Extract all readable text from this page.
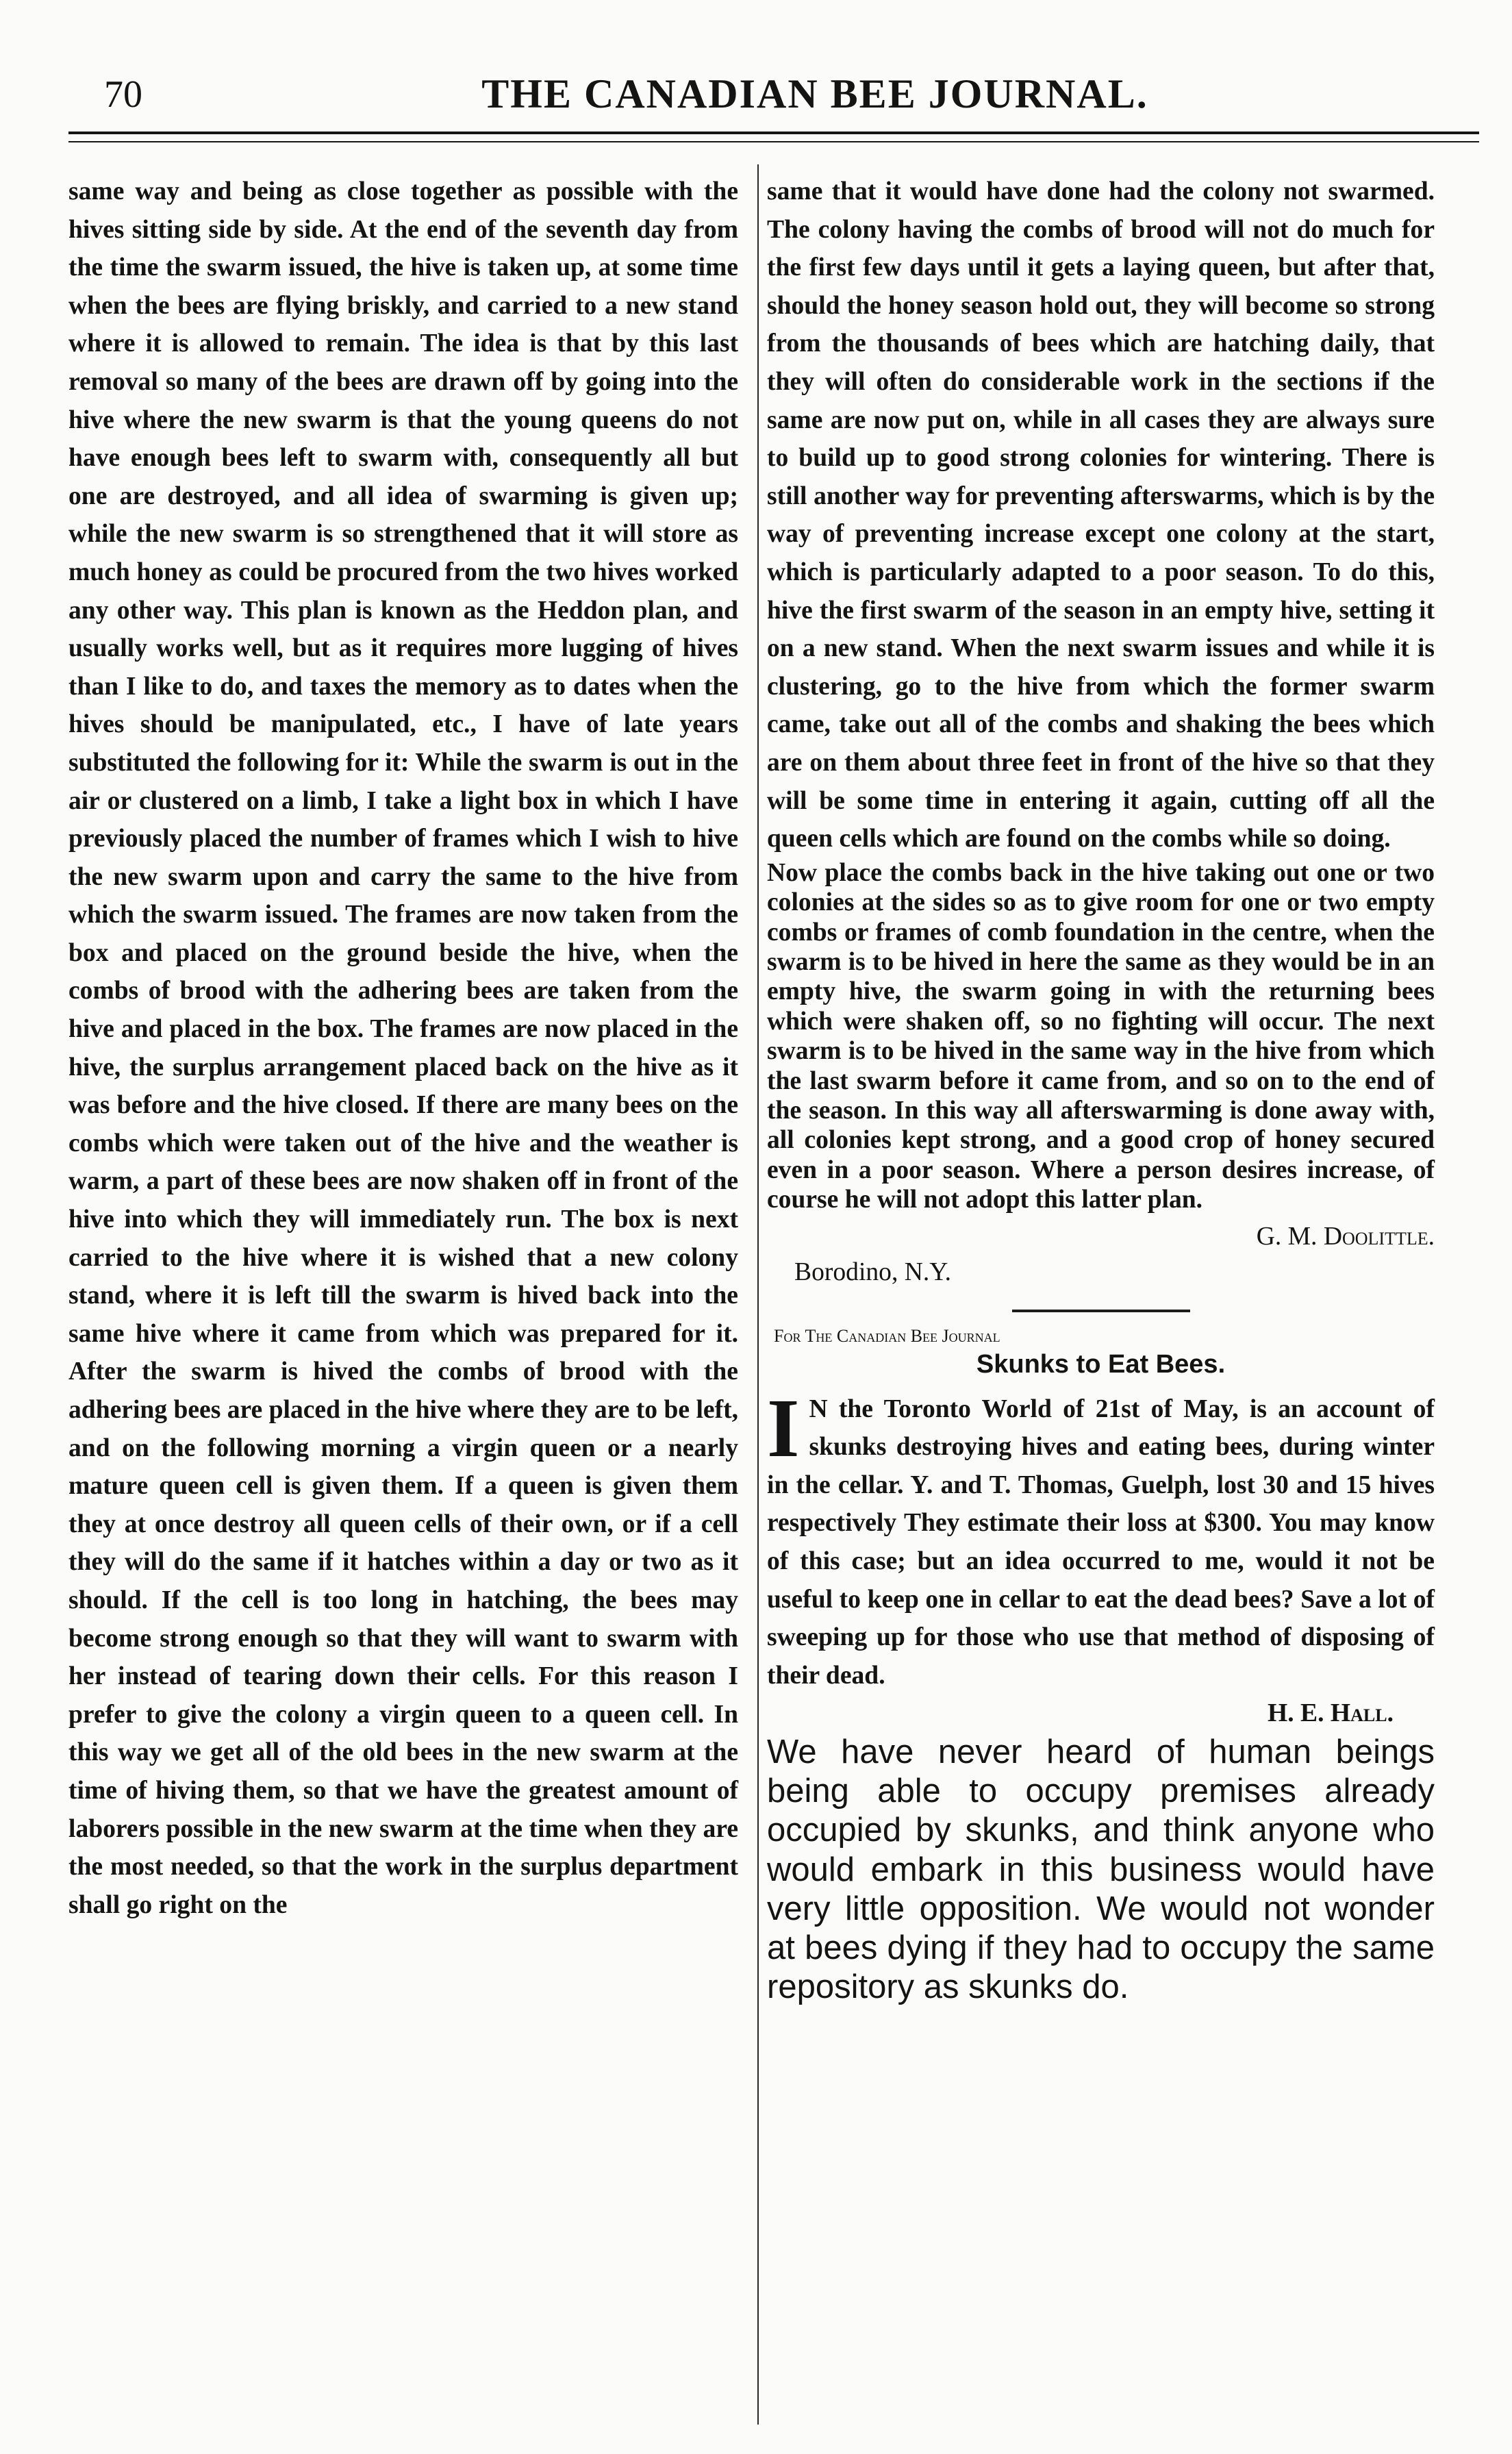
70	THE CANADIAN BEE JOURNAL.

same way and being as close together as possible with the hives sitting side by side. At the end of the seventh day from the time the swarm issued, the hive is taken up, at some time when the bees are flying briskly, and carried to a new stand where it is allowed to remain. The idea is that by this last removal so many of the bees are drawn off by going into the hive where the new swarm is that the young queens do not have enough bees left to swarm with, consequently all but one are destroyed, and all idea of swarming is given up; while the new swarm is so strengthened that it will store as much honey as could be procured from the two hives worked any other way. This plan is known as the Heddon plan, and usually works well, but as it requires more lugging of hives than I like to do, and taxes the memory as to dates when the hives should be manipulated, etc., I have of late years substituted the following for it: While the swarm is out in the air or clustered on a limb, I take a light box in which I have previously placed the number of frames which I wish to hive the new swarm upon and carry the same to the hive from which the swarm issued. The frames are now taken from the box and placed on the ground beside the hive, when the combs of brood with the adhering bees are taken from the hive and placed in the box. The frames are now placed in the hive, the surplus arrangement placed back on the hive as it was before and the hive closed. If there are many bees on the combs which were taken out of the hive and the weather is warm, a part of these bees are now shaken off in front of the hive into which they will immediately run. The box is next carried to the hive where it is wished that a new colony stand, where it is left till the swarm is hived back into the same hive where it came from which was prepared for it. After the swarm is hived the combs of brood with the adhering bees are placed in the hive where they are to be left, and on the following morning a virgin queen or a nearly mature queen cell is given them. If a queen is given them they at once destroy all queen cells of their own, or if a cell they will do the same if it hatches within a day or two as it should. If the cell is too long in hatching, the bees may become strong enough so that they will want to swarm with her instead of tearing down their cells. For this reason I prefer to give the colony a virgin queen to a queen cell. In this way we get all of the old bees in the new swarm at the time of hiving them, so that we have the greatest amount of laborers possible in the new swarm at the time when they are the most needed, so that the work in the surplus department shall go right on the

same that it would have done had the colony not swarmed. The colony having the combs of brood will not do much for the first few days until it gets a laying queen, but after that, should the honey season hold out, they will become so strong from the thousands of bees which are hatching daily, that they will often do considerable work in the sections if the same are now put on, while in all cases they are always sure to build up to good strong colonies for wintering. There is still another way for preventing afterswarms, which is by the way of preventing increase except one colony at the start, which is particularly adapted to a poor season. To do this, hive the first swarm of the season in an empty hive, setting it on a new stand. When the next swarm issues and while it is clustering, go to the hive from which the former swarm came, take out all of the combs and shaking the bees which are on them about three feet in front of the hive so that they will be some time in entering it again, cutting off all the queen cells which are found on the combs while so doing.

Now place the combs back in the hive taking out one or two colonies at the sides so as to give room for one or two empty combs or frames of comb foundation in the centre, when the swarm is to be hived in here the same as they would be in an empty hive, the swarm going in with the returning bees which were shaken off, so no fighting will occur. The next swarm is to be hived in the same way in the hive from which the last swarm before it came from, and so on to the end of the season. In this way all afterswarming is done away with, all colonies kept strong, and a good crop of honey secured even in a poor season. Where a person desires increase, of course he will not adopt this latter plan.

G. M. Doolittle.
Borodino, N.Y.
For The Canadian Bee Journal
Skunks to Eat Bees.

I N the Toronto World of 21st of May, is an account of skunks destroying hives and eating bees, during winter in the cellar. Y. and T. Thomas, Guelph, lost 30 and 15 hives respectively They estimate their loss at $300. You may know of this case; but an idea occurred to me, would it not be useful to keep one in cellar to eat the dead bees? Save a lot of sweeping up for those who use that method of disposing of their dead.

H. E. Hall.

We have never heard of human beings being able to occupy premises already occupied by skunks, and think anyone who would embark in this business would have very little opposition. We would not wonder at bees dying if they had to occupy the same repository as skunks do.
